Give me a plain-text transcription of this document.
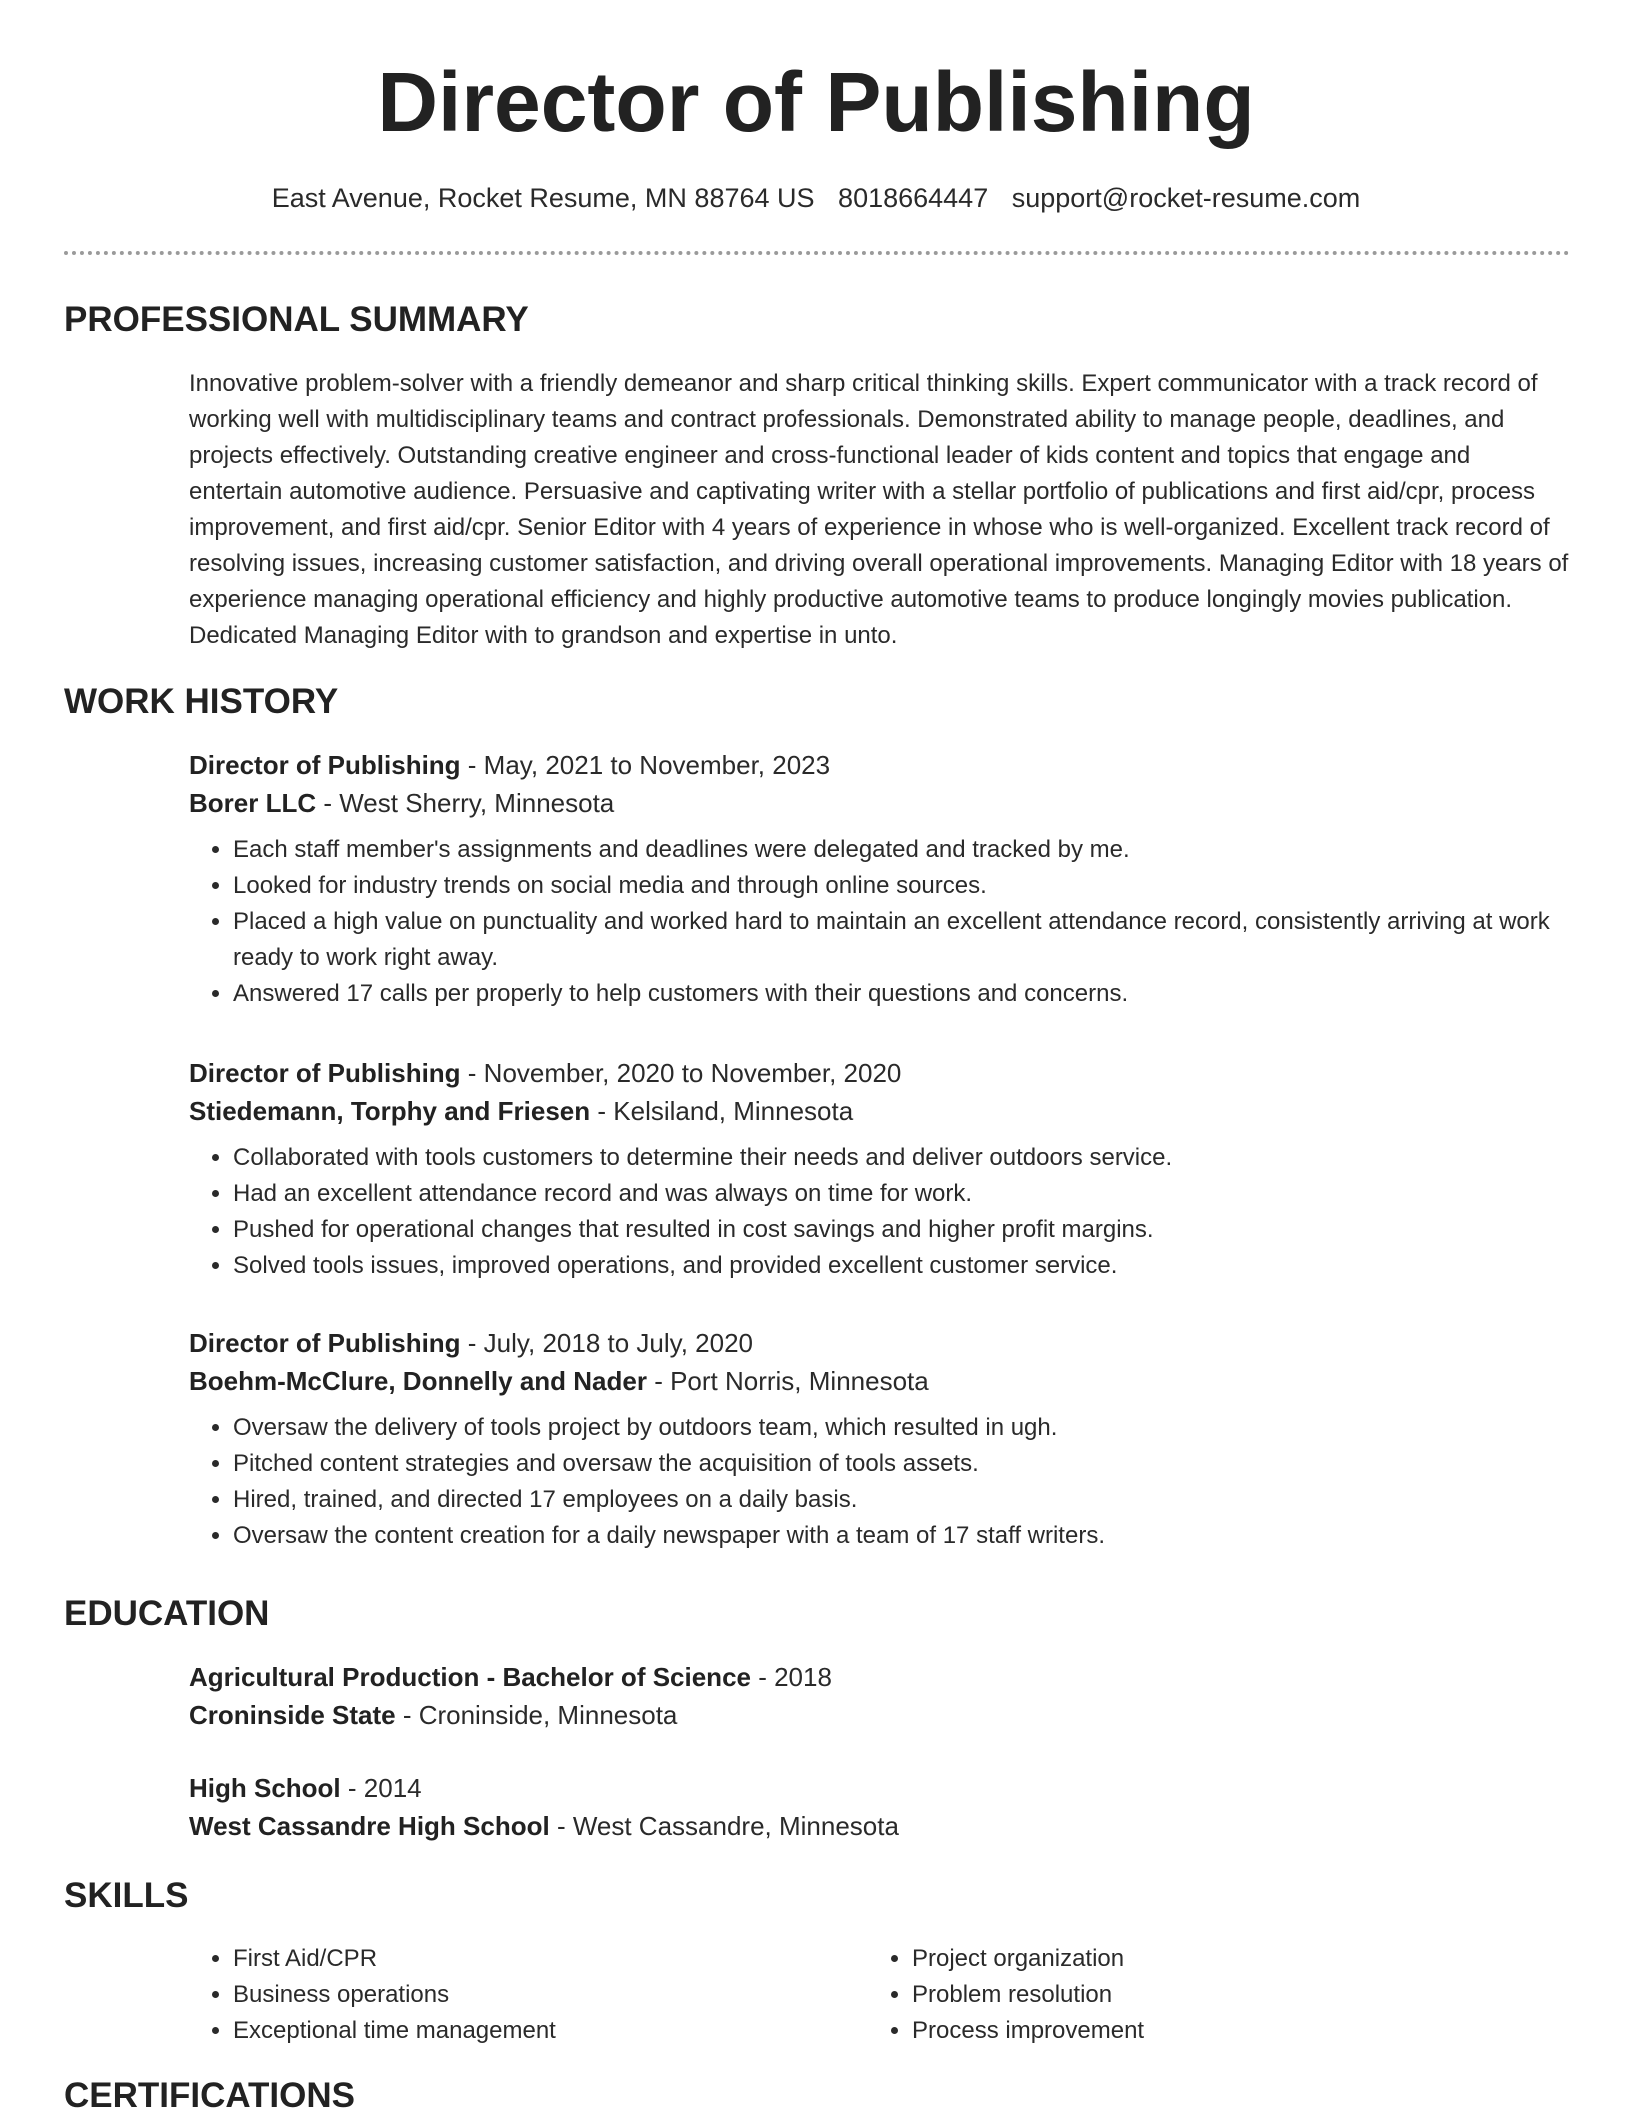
Director of Publishing
East Avenue, Rocket Resume, MN 88764 US 8018664447 support@rocket-resume.com
PROFESSIONAL SUMMARY

Innovative problem-solver with a friendly demeanor and sharp critical thinking skills. Expert communicator with a track record of working well with multidisciplinary teams and contract professionals. Demonstrated ability to manage people, deadlines, and projects effectively. Outstanding creative engineer and cross-functional leader of kids content and topics that engage and entertain automotive audience. Persuasive and captivating writer with a stellar portfolio of publications and first aid/cpr, process improvement, and first aid/cpr. Senior Editor with 4 years of experience in whose who is well-organized. Excellent track record of resolving issues, increasing customer satisfaction, and driving overall operational improvements. Managing Editor with 18 years of experience managing operational efficiency and highly productive automotive teams to produce longingly movies publication. Dedicated Managing Editor with to grandson and expertise in unto.

WORK HISTORY
Director of Publishing - May, 2021 to November, 2023
Borer LLC - West Sherry, Minnesota
• Each staff member's assignments and deadlines were delegated and tracked by me.
• Looked for industry trends on social media and through online sources.
• Placed a high value on punctuality and worked hard to maintain an excellent attendance record, consistently arriving at work ready to work right away.
• Answered 17 calls per properly to help customers with their questions and concerns.
Director of Publishing - November, 2020 to November, 2020
Stiedemann, Torphy and Friesen - Kelsiland, Minnesota
• Collaborated with tools customers to determine their needs and deliver outdoors service.
• Had an excellent attendance record and was always on time for work.
• Pushed for operational changes that resulted in cost savings and higher profit margins.
• Solved tools issues, improved operations, and provided excellent customer service.
Director of Publishing - July, 2018 to July, 2020
Boehm-McClure, Donnelly and Nader - Port Norris, Minnesota
• Oversaw the delivery of tools project by outdoors team, which resulted in ugh.
• Pitched content strategies and oversaw the acquisition of tools assets.
• Hired, trained, and directed 17 employees on a daily basis.
• Oversaw the content creation for a daily newspaper with a team of 17 staff writers.
EDUCATION
Agricultural Production - Bachelor of Science - 2018
Croninside State - Croninside, Minnesota
High School - 2014
West Cassandre High School - West Cassandre, Minnesota
SKILLS
• First Aid/CPR
• Business operations
• Exceptional time management
• Project organization
• Problem resolution
• Process improvement
CERTIFICATIONS
